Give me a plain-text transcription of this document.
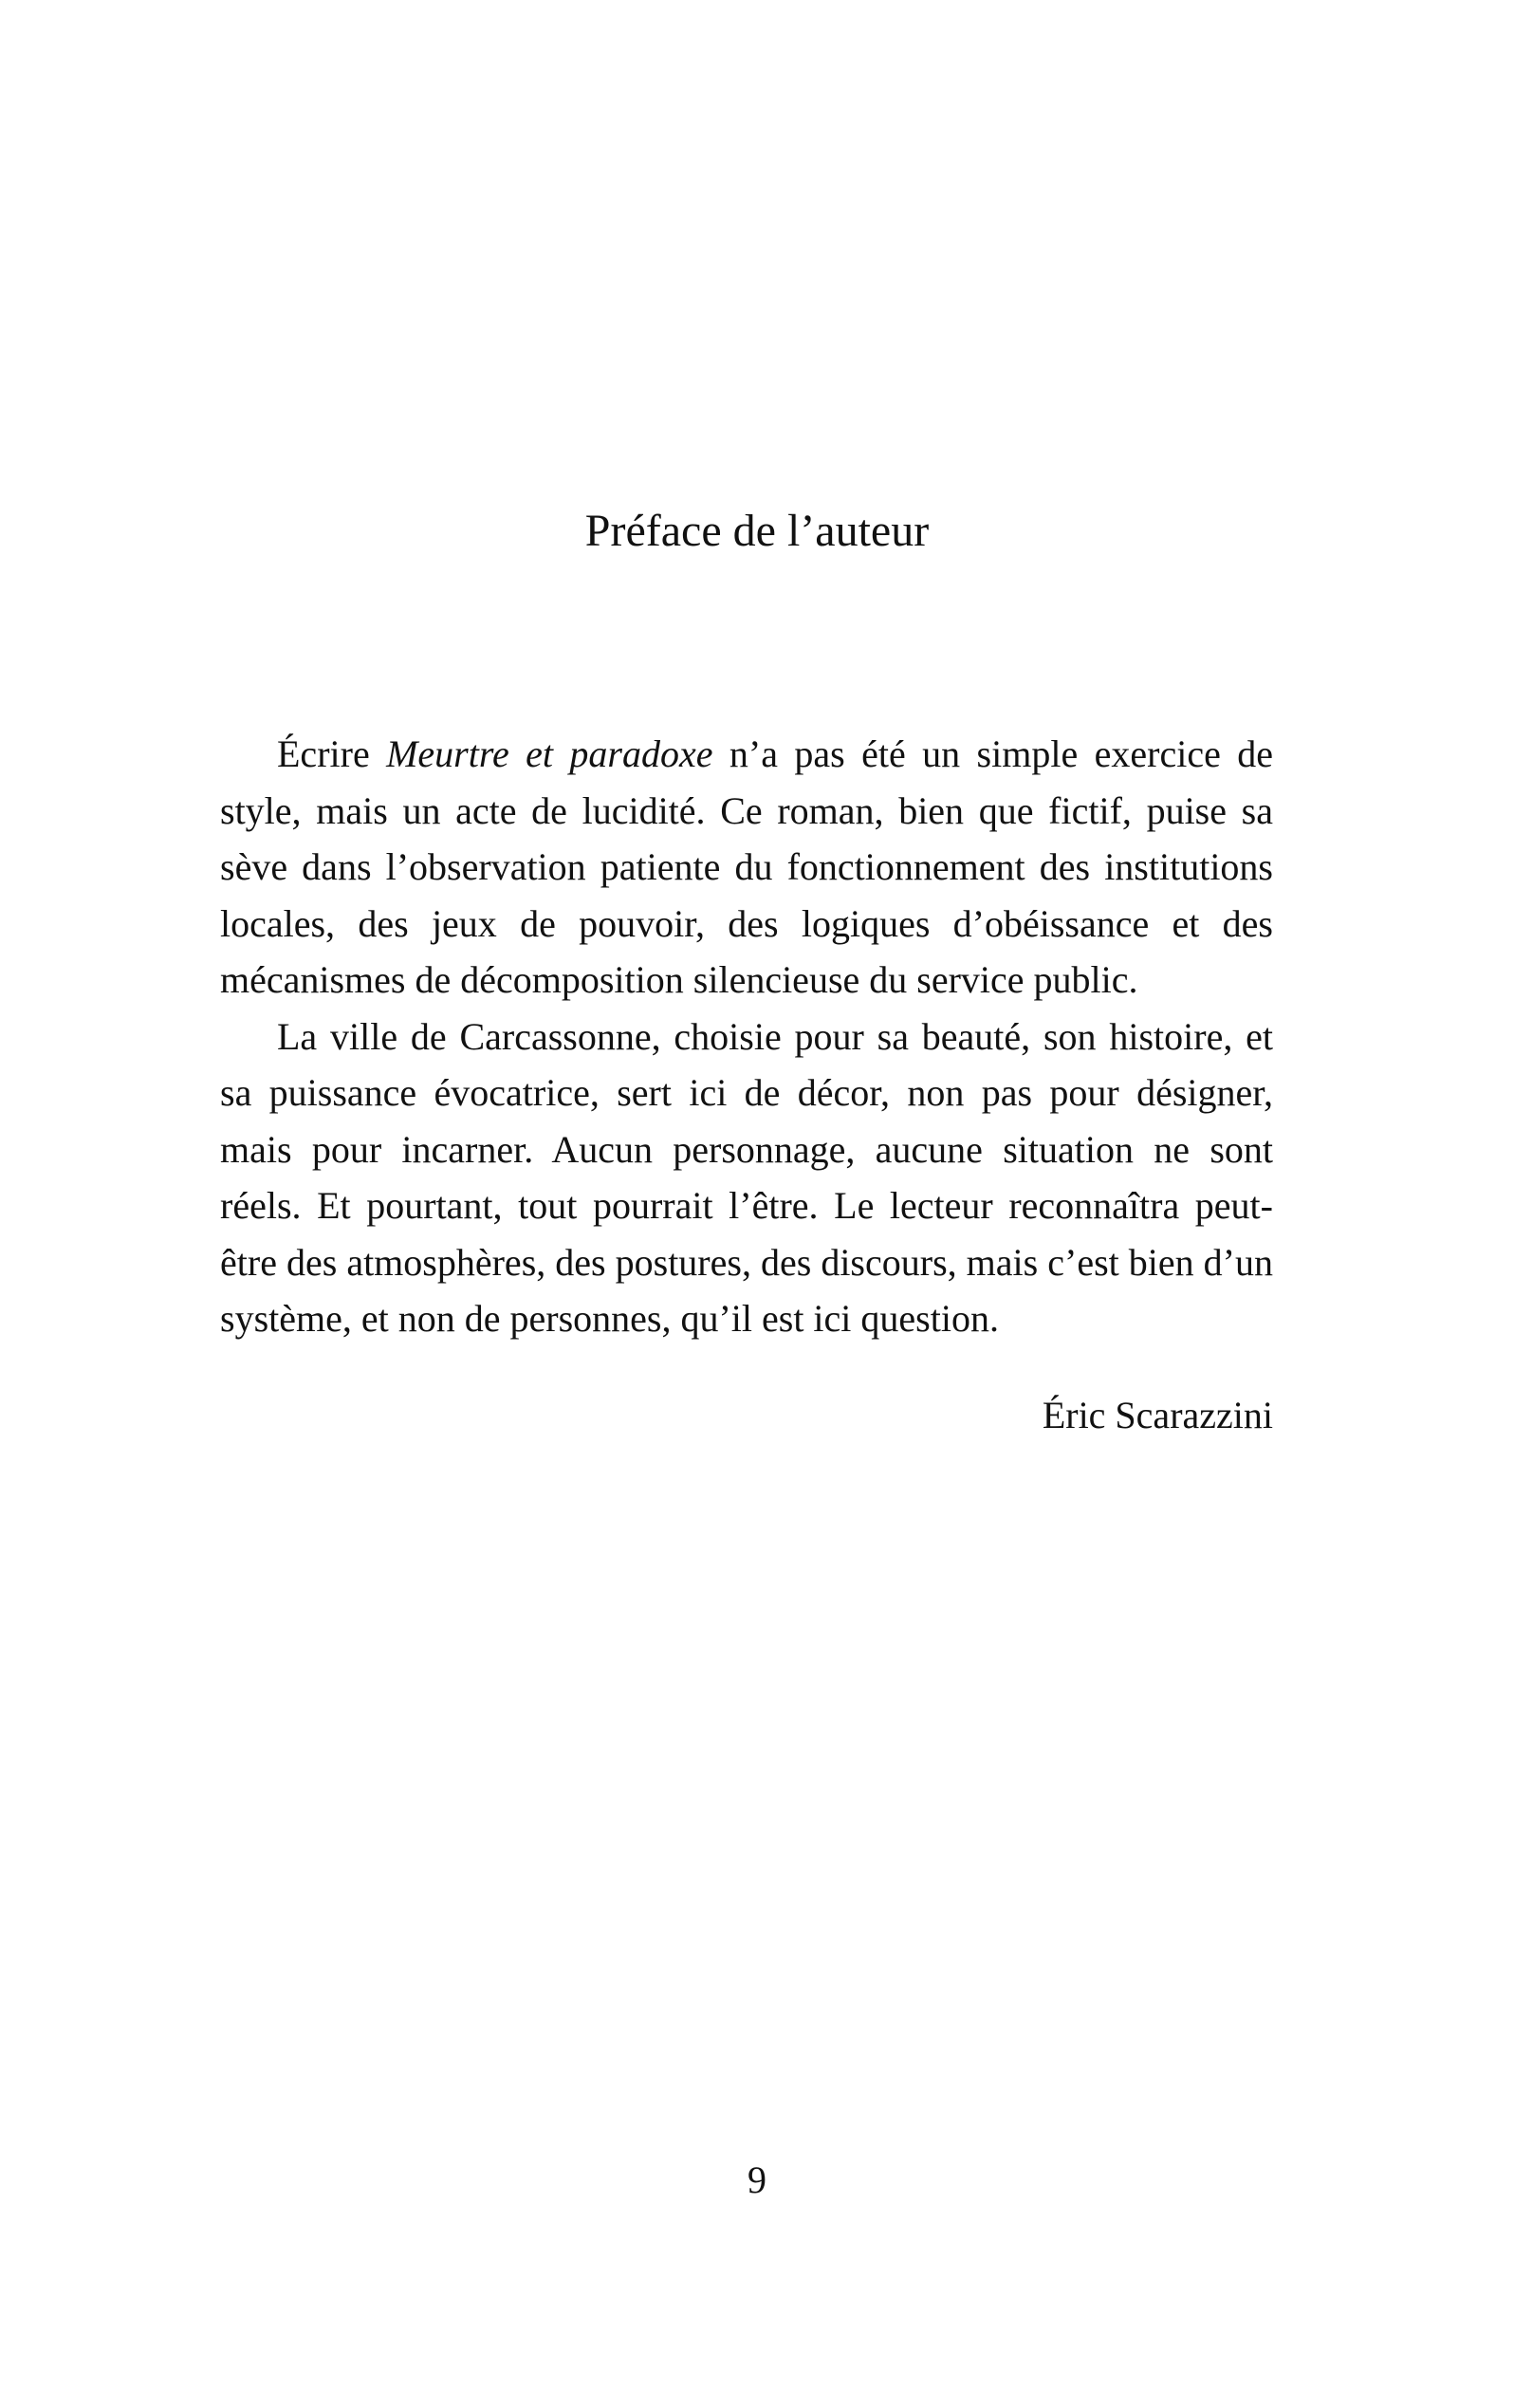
Préface de l’auteur

Écrire Meurtre et paradoxe n’a pas été un simple exercice de style, mais un acte de lucidité. Ce roman, bien que fictif, puise sa sève dans l’observation patiente du fonctionnement des institutions locales, des jeux de pouvoir, des logiques d’obéissance et des mécanismes de décomposition silencieuse du service public.

La ville de Carcassonne, choisie pour sa beauté, son histoire, et sa puissance évocatrice, sert ici de décor, non pas pour désigner, mais pour incarner. Aucun personnage, aucune situation ne sont réels. Et pourtant, tout pourrait l’être. Le lecteur reconnaîtra peut-être des atmosphères, des postures, des discours, mais c’est bien d’un système, et non de personnes, qu’il est ici question.

Éric Scarazzini

9
